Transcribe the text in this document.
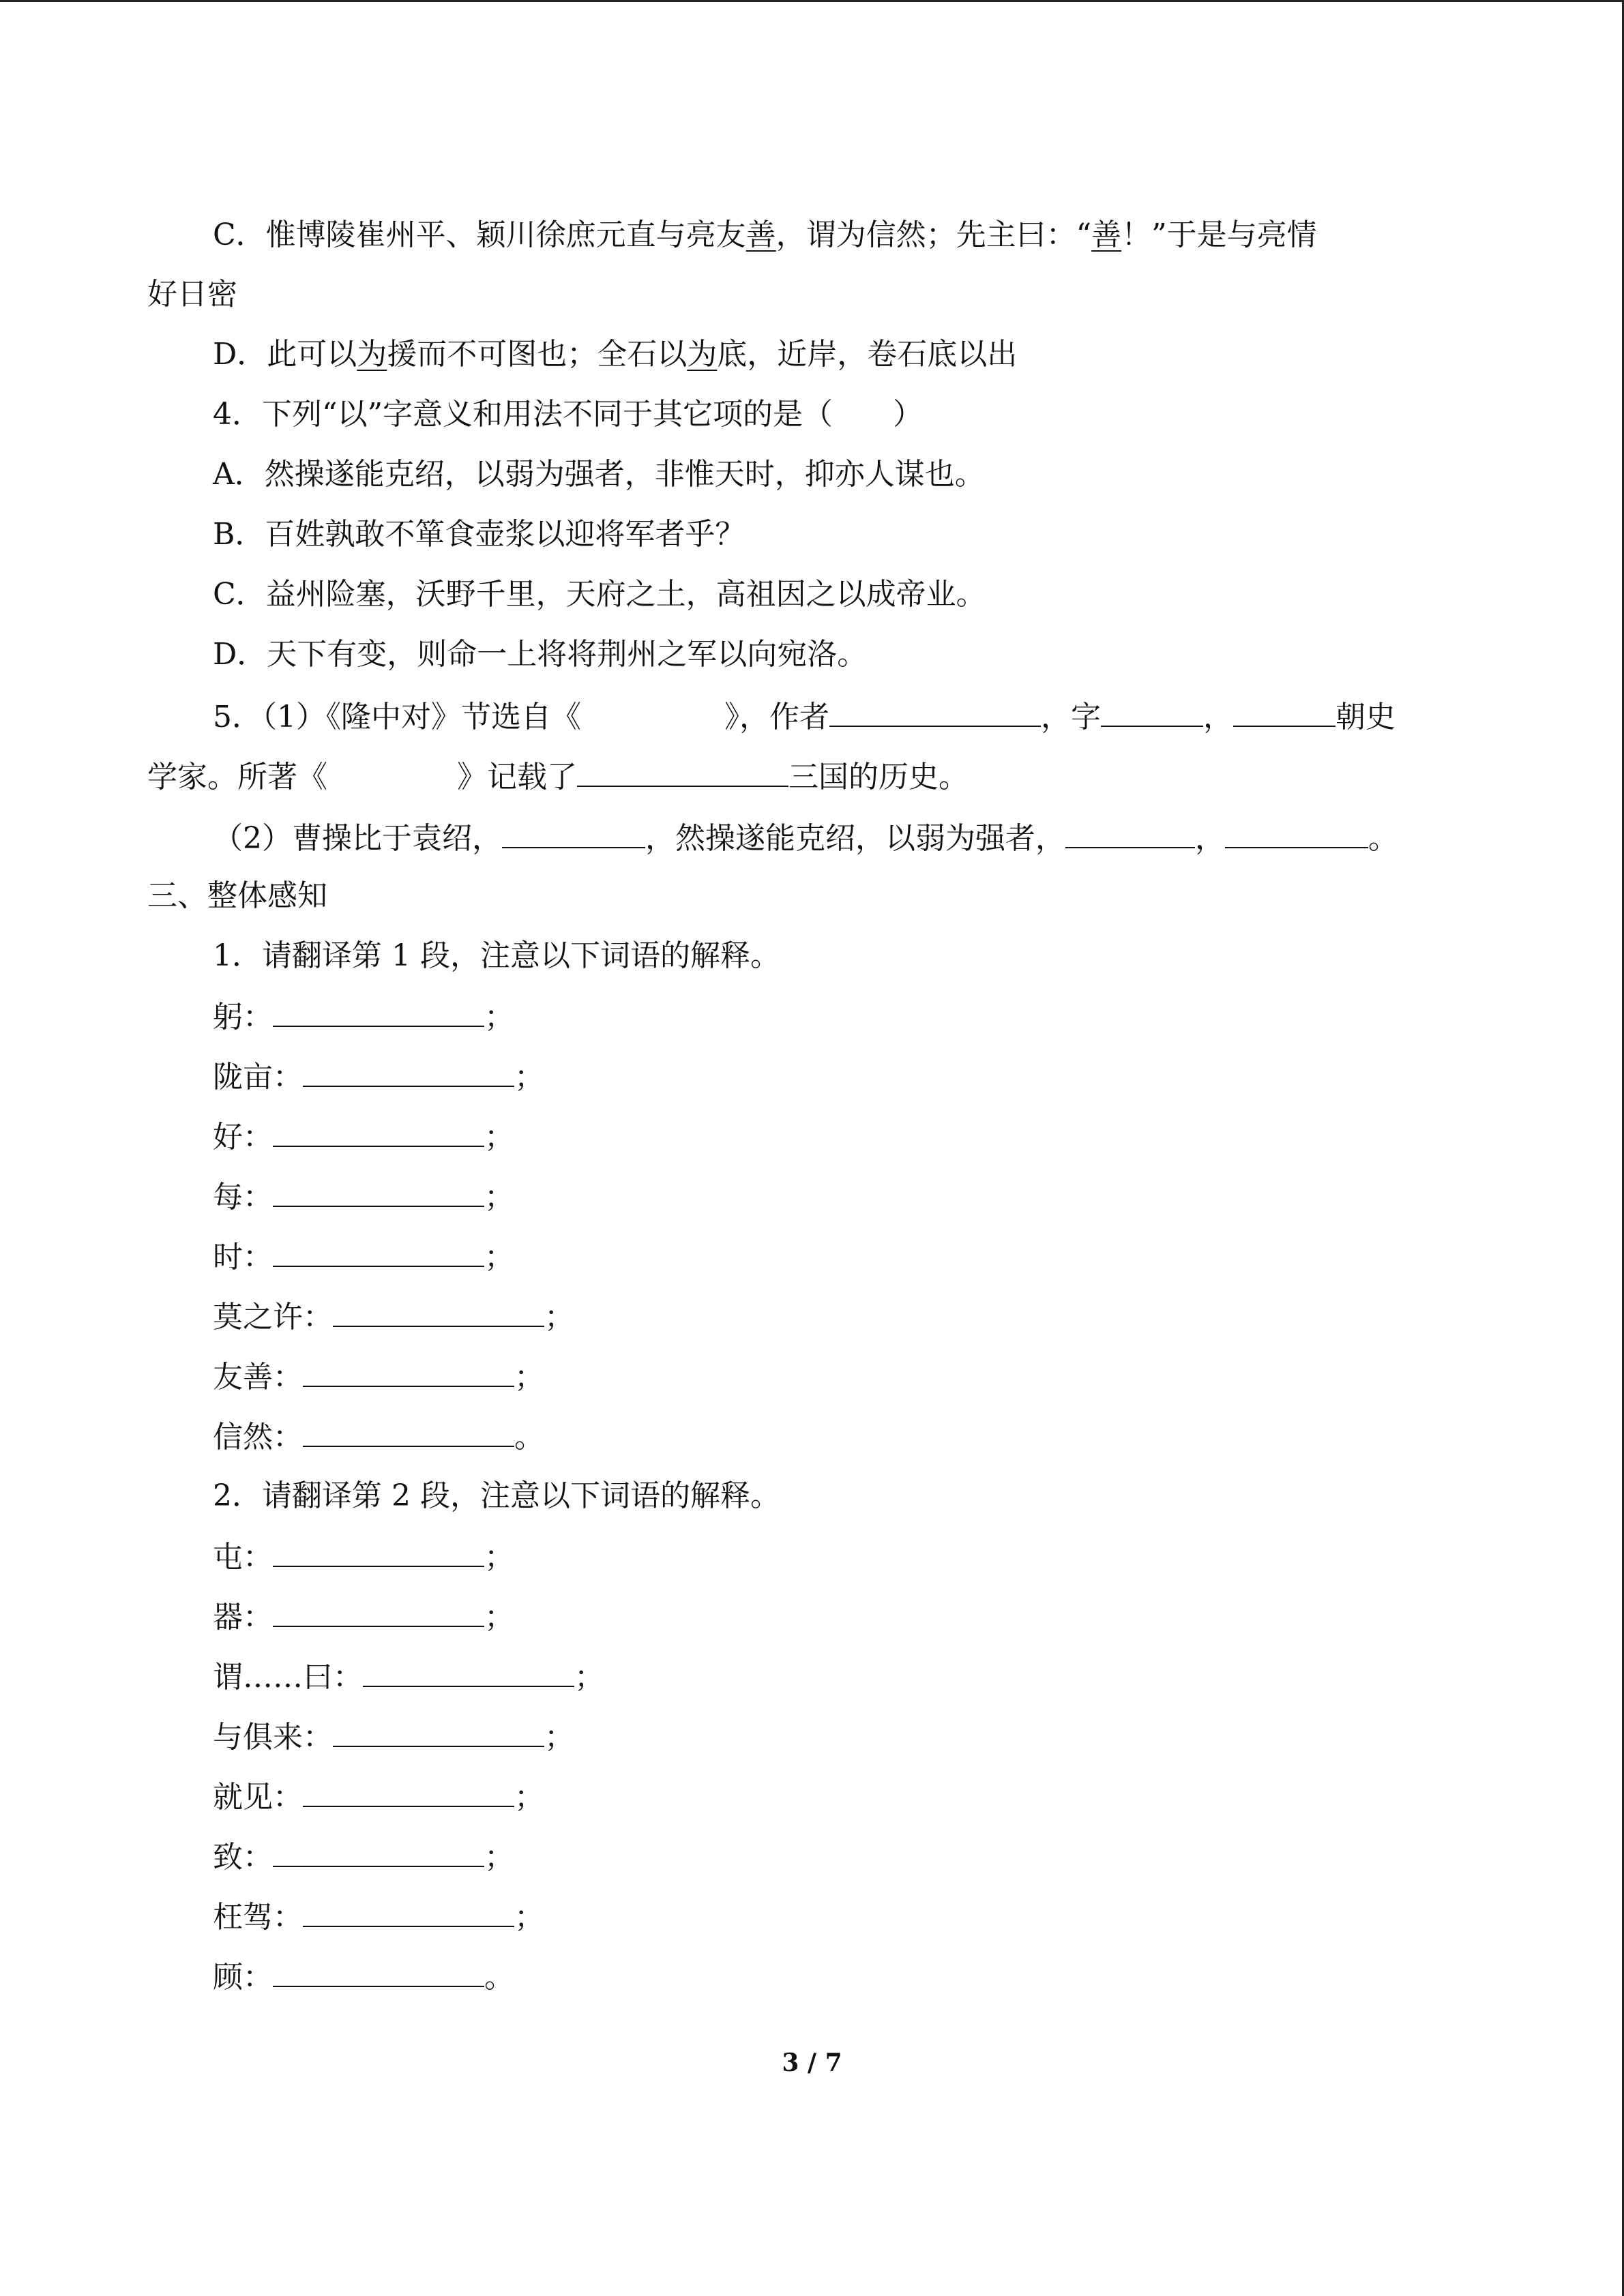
C．惟博陵崔州平、颖川徐庶元直与亮友善，谓为信然；先主曰：“善！”于是与亮情
好日密
D．此可以为援而不可图也；全石以为底，近岸，卷石底以出
4．下列“以”字意义和用法不同于其它项的是（　　）
A．然操遂能克绍，以弱为强者，非惟天时，抑亦人谋也。
B．百姓孰敢不箪食壶浆以迎将军者乎？
C．益州险塞，沃野千里，天府之土，高祖因之以成帝业。
D．天下有变，则命一上将将荆州之军以向宛洛。
5．（1）《隆中对》节选自《	》，作者	，字	，	朝史
学家。所著《	》记载了	三国的历史。
（2）曹操比于袁绍，	，然操遂能克绍，以弱为强者，	，	。
三、整体感知
1．请翻译第 1 段，注意以下词语的解释。
躬：	；
陇亩：	；
好：	；
每：	；
时：	；
莫之许：	；
友善：	；
信然：	。
2．请翻译第 2 段，注意以下词语的解释。
屯：	；
器：	；
谓……曰：	；
与俱来：	；
就见：	；
致：	；
枉驾：	；
顾：	。
3 / 7
